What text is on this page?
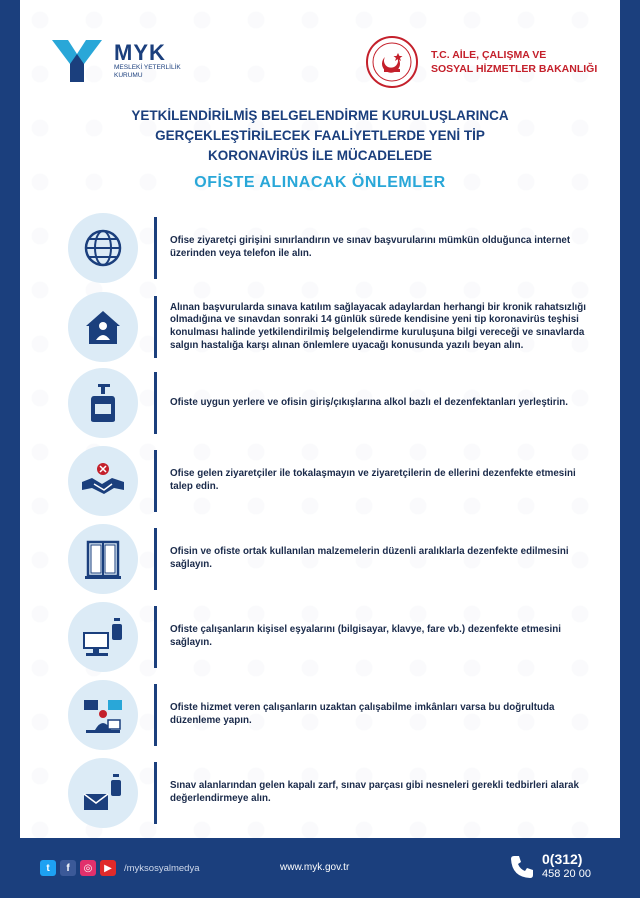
MYK
MESLEKİ YETERLİLİK KURUMU
T.C. AİLE, ÇALIŞMA VE
SOSYAL HİZMETLER BAKANLIĞI
YETKİLENDİRİLMİŞ BELGELENDİRME KURULUŞLARINCA
GERÇEKLEŞTİRİLECEK FAALİYETLERDE YENİ TİP
KORONAVİRÜS İLE MÜCADELEDE
OFİSTE ALINACAK ÖNLEMLER
Ofise ziyaretçi girişini sınırlandırın ve sınav başvurularını mümkün olduğunca internet üzerinden veya telefon ile alın.
Alınan başvurularda sınava katılım sağlayacak adaylardan herhangi bir kronik rahatsızlığı olmadığına ve sınavdan sonraki 14 günlük sürede kendisine yeni tip koronavirüs teşhisi konulması halinde yetkilendirilmiş belgelendirme kuruluşuna bilgi vereceği ve sınavlarda salgın hastalığa karşı alınan önlemlere uyacağı konusunda yazılı beyan alın.
Ofiste uygun yerlere ve ofisin giriş/çıkışlarına alkol bazlı el dezenfektanları yerleştirin.
Ofise gelen ziyaretçiler ile tokalaşmayın ve ziyaretçilerin de ellerini dezenfekte etmesini talep edin.
Ofisin ve ofiste ortak kullanılan malzemelerin düzenli aralıklarla dezenfekte edilmesini sağlayın.
Ofiste çalışanların kişisel eşyalarını (bilgisayar, klavye, fare vb.) dezenfekte etmesini sağlayın.
Ofiste hizmet veren çalışanların uzaktan çalışabilme imkânları varsa bu doğrultuda düzenleme yapın.
Sınav alanlarından gelen kapalı zarf, sınav parçası gibi nesneleri gerekli tedbirleri alarak değerlendirmeye alın.
t	f	◎	▶	/myksosyalmedya	www.myk.gov.tr
0(312)
458 20 00
